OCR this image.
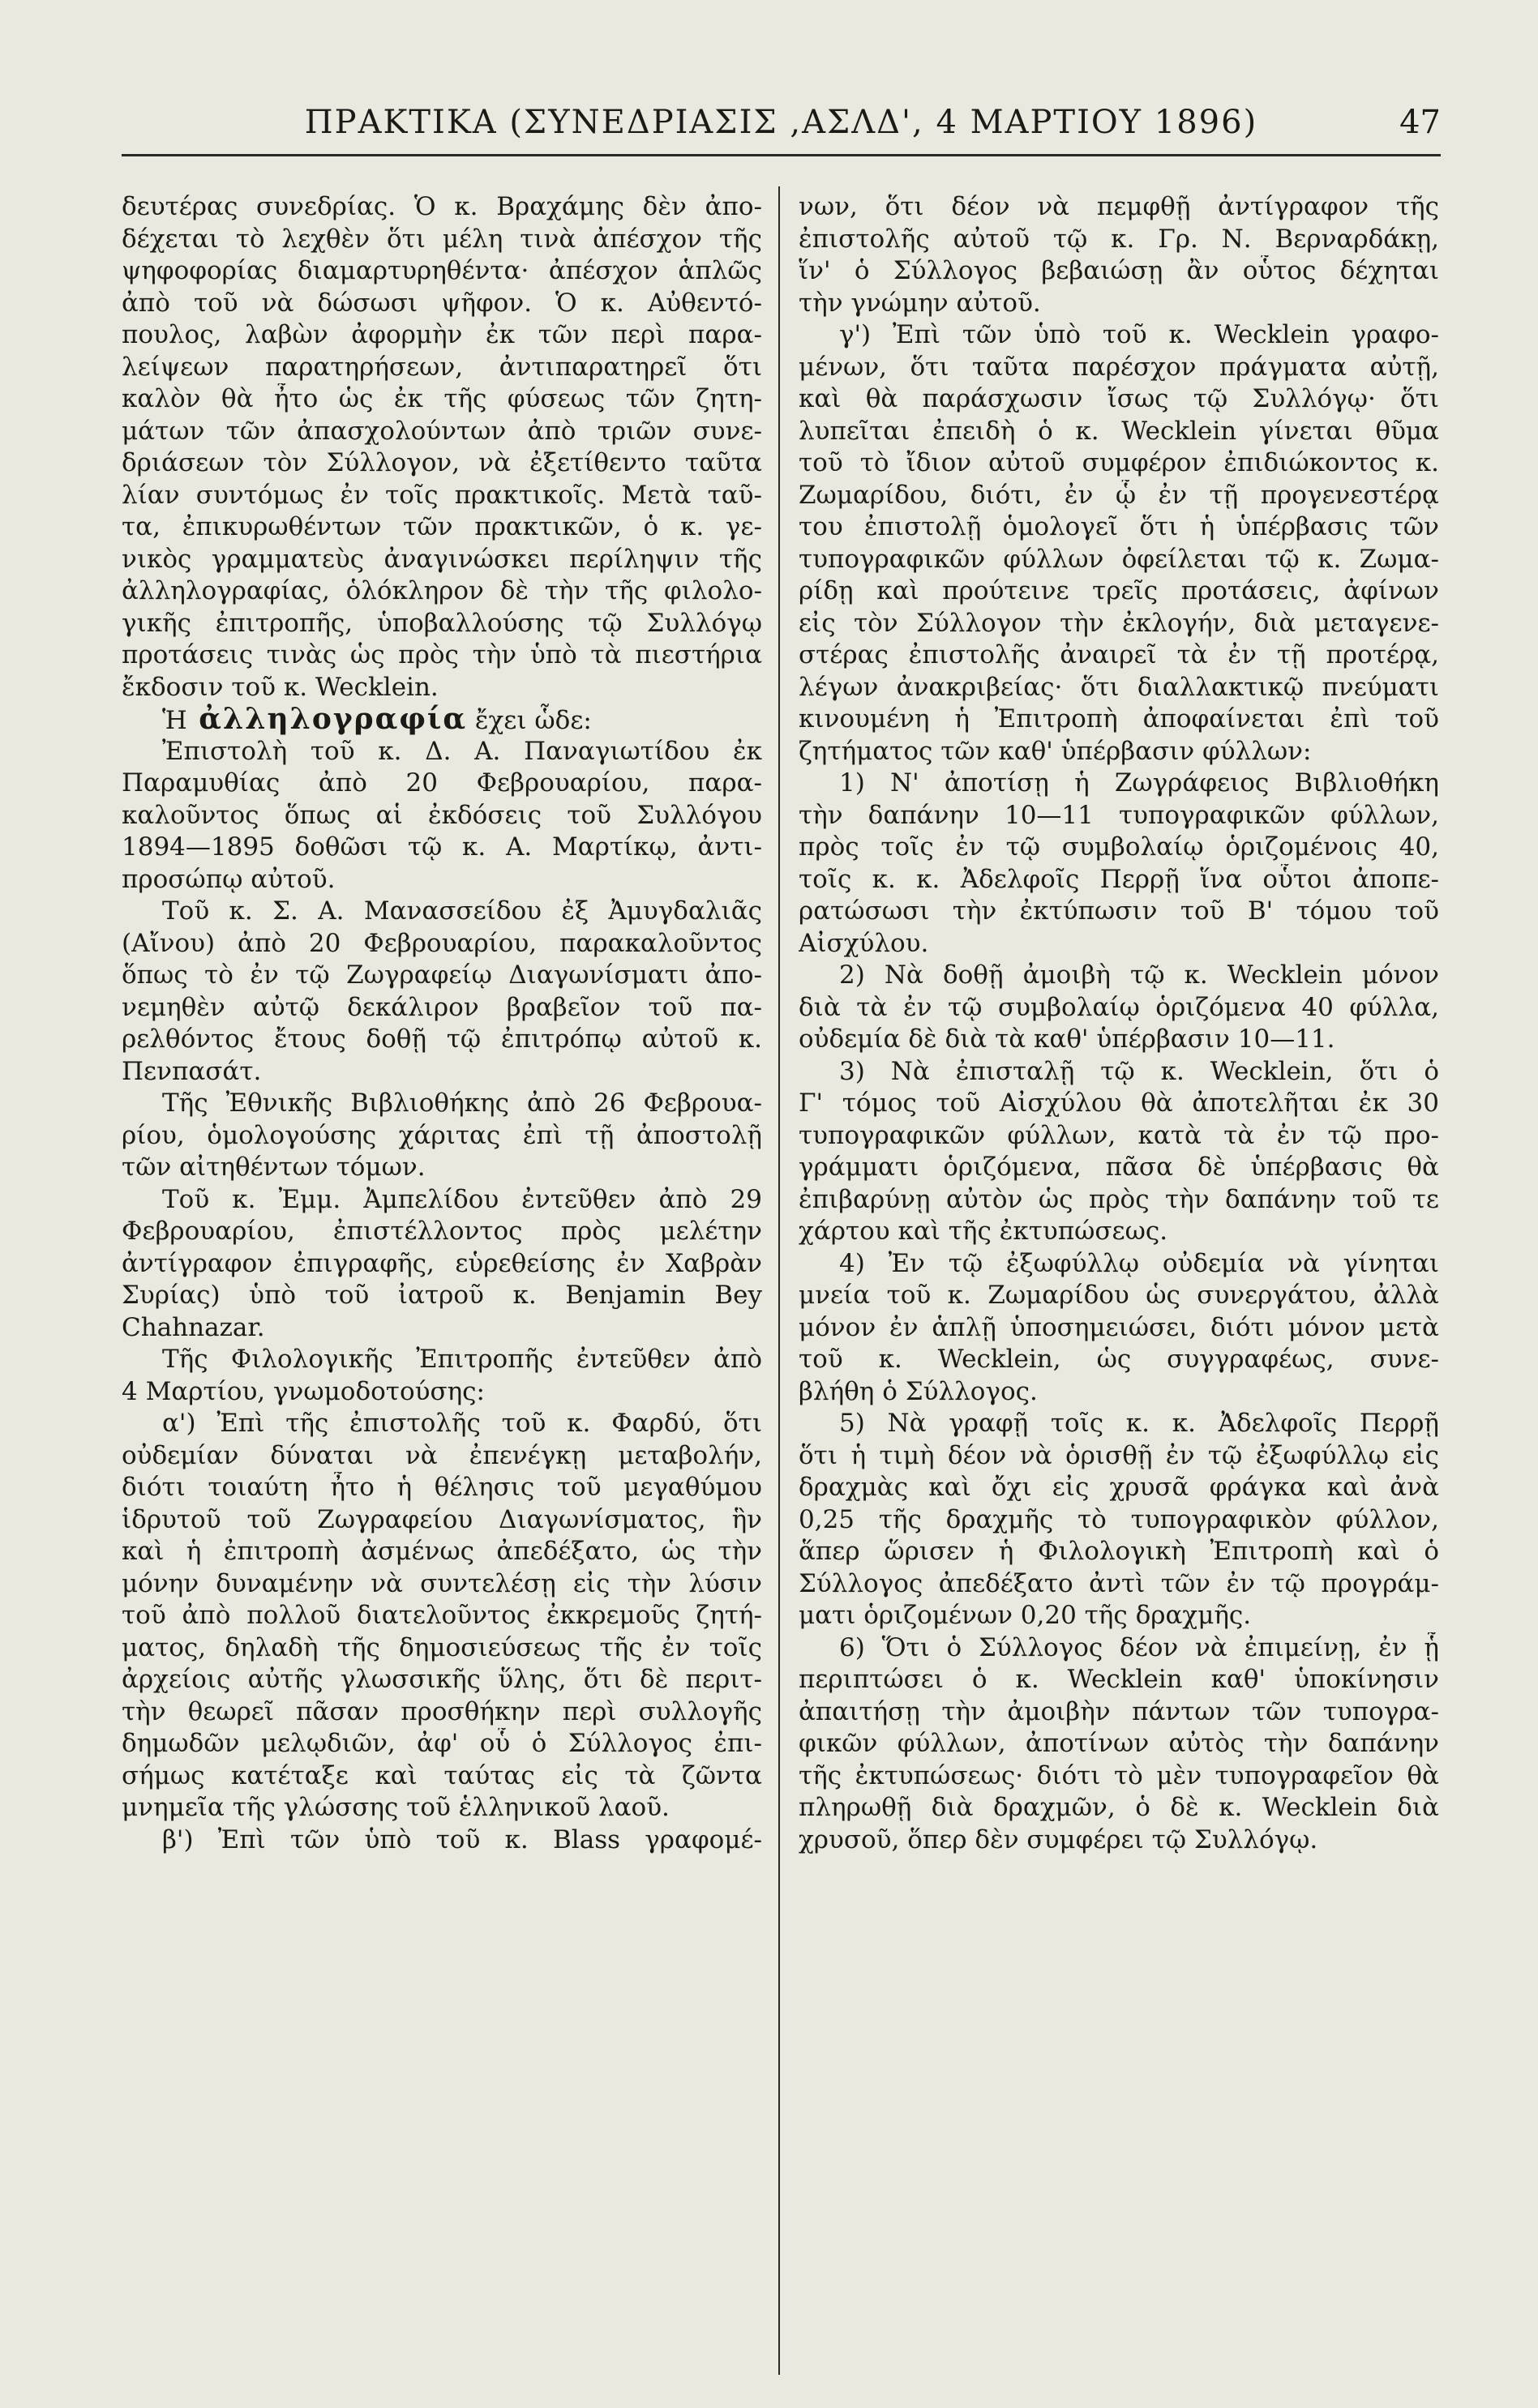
ΠΡΑΚΤΙΚΑ (ΣΥΝΕΔΡΙΑΣΙΣ ,ΑΣΛΔ', 4 ΜΑΡΤΙΟΥ 1896)	47
δευτέρας συνεδρίας. Ὁ κ. Βραχάμης δὲν ἀπο-
δέχεται τὸ λεχθὲν ὅτι μέλη τινὰ ἀπέσχον τῆς
ψηφοφορίας διαμαρτυρηθέντα· ἀπέσχον ἁπλῶς
ἀπὸ τοῦ νὰ δώσωσι ψῆφον. Ὁ κ. Αὐθεντό-
πουλος, λαβὼν ἀφορμὴν ἐκ τῶν περὶ παρα-
λείψεων παρατηρήσεων, ἀντιπαρατηρεῖ ὅτι
καλὸν θὰ ἦτο ὡς ἐκ τῆς φύσεως τῶν ζητη-
μάτων τῶν ἀπασχολούντων ἀπὸ τριῶν συνε-
δριάσεων τὸν Σύλλογον, νὰ ἐξετίθεντο ταῦτα
λίαν συντόμως ἐν τοῖς πρακτικοῖς. Μετὰ ταῦ-
τα, ἐπικυρωθέντων τῶν πρακτικῶν, ὁ κ. γε-
νικὸς γραμματεὺς ἀναγινώσκει περίληψιν τῆς
ἀλληλογραφίας, ὁλόκληρον δὲ τὴν τῆς φιλολο-
γικῆς ἐπιτροπῆς, ὑποβαλλούσης τῷ Συλλόγῳ
προτάσεις τινὰς ὡς πρὸς τὴν ὑπὸ τὰ πιεστήρια
ἔκδοσιν τοῦ κ. Wecklein.
Ἡ ἀλληλογραφία ἔχει ὧδε:
Ἐπιστολὴ τοῦ κ. Δ. Α. Παναγιωτίδου ἐκ
Παραμυθίας ἀπὸ 20 Φεβρουαρίου, παρα-
καλοῦντος ὅπως αἱ ἐκδόσεις τοῦ Συλλόγου
1894—1895 δοθῶσι τῷ κ. Α. Μαρτίκῳ, ἀντι-
προσώπῳ αὐτοῦ.
Τοῦ κ. Σ. Α. Μανασσείδου ἐξ Ἀμυγδαλιᾶς
(Αἴνου) ἀπὸ 20 Φεβρουαρίου, παρακαλοῦντος
ὅπως τὸ ἐν τῷ Ζωγραφείῳ Διαγωνίσματι ἀπο-
νεμηθὲν αὐτῷ δεκάλιρον βραβεῖον τοῦ πα-
ρελθόντος ἔτους δοθῇ τῷ ἐπιτρόπῳ αὐτοῦ κ.
Πενπασάτ.
Τῆς Ἐθνικῆς Βιβλιοθήκης ἀπὸ 26 Φεβρουα-
ρίου, ὁμολογούσης χάριτας ἐπὶ τῇ ἀποστολῇ
τῶν αἰτηθέντων τόμων.
Τοῦ κ. Ἐμμ. Ἀμπελίδου ἐντεῦθεν ἀπὸ 29
Φεβρουαρίου, ἐπιστέλλοντος πρὸς μελέτην
ἀντίγραφον ἐπιγραφῆς, εὑρεθείσης ἐν Χαβρὰν
Συρίας) ὑπὸ τοῦ ἰατροῦ κ. Benjamin Bey
Chahnazar.
Τῆς Φιλολογικῆς Ἐπιτροπῆς ἐντεῦθεν ἀπὸ
4 Μαρτίου, γνωμοδοτούσης:
α') Ἐπὶ τῆς ἐπιστολῆς τοῦ κ. Φαρδύ, ὅτι
οὐδεμίαν δύναται νὰ ἐπενέγκῃ μεταβολήν,
διότι τοιαύτη ἦτο ἡ θέλησις τοῦ μεγαθύμου
ἱδρυτοῦ τοῦ Ζωγραφείου Διαγωνίσματος, ἣν
καὶ ἡ ἐπιτροπὴ ἀσμένως ἀπεδέξατο, ὡς τὴν
μόνην δυναμένην νὰ συντελέσῃ εἰς τὴν λύσιν
τοῦ ἀπὸ πολλοῦ διατελοῦντος ἐκκρεμοῦς ζητή-
ματος, δηλαδὴ τῆς δημοσιεύσεως τῆς ἐν τοῖς
ἀρχείοις αὐτῆς γλωσσικῆς ὕλης, ὅτι δὲ περιτ-
τὴν θεωρεῖ πᾶσαν προσθήκην περὶ συλλογῆς
δημωδῶν μελῳδιῶν, ἀφ' οὗ ὁ Σύλλογος ἐπι-
σήμως κατέταξε καὶ ταύτας εἰς τὰ ζῶντα
μνημεῖα τῆς γλώσσης τοῦ ἑλληνικοῦ λαοῦ.
β') Ἐπὶ τῶν ὑπὸ τοῦ κ. Blass γραφομέ-
νων, ὅτι δέον νὰ πεμφθῇ ἀντίγραφον τῆς
ἐπιστολῆς αὐτοῦ τῷ κ. Γρ. Ν. Βερναρδάκῃ,
ἵν' ὁ Σύλλογος βεβαιώσῃ ἂν οὗτος δέχηται
τὴν γνώμην αὐτοῦ.
γ') Ἐπὶ τῶν ὑπὸ τοῦ κ. Wecklein γραφο-
μένων, ὅτι ταῦτα παρέσχον πράγματα αὐτῇ,
καὶ θὰ παράσχωσιν ἴσως τῷ Συλλόγῳ· ὅτι
λυπεῖται ἐπειδὴ ὁ κ. Wecklein γίνεται θῦμα
τοῦ τὸ ἴδιον αὐτοῦ συμφέρον ἐπιδιώκοντος κ.
Ζωμαρίδου, διότι, ἐν ᾧ ἐν τῇ προγενεστέρᾳ
του ἐπιστολῇ ὁμολογεῖ ὅτι ἡ ὑπέρβασις τῶν
τυπογραφικῶν φύλλων ὀφείλεται τῷ κ. Ζωμα-
ρίδῃ καὶ προύτεινε τρεῖς προτάσεις, ἀφίνων
εἰς τὸν Σύλλογον τὴν ἐκλογήν, διὰ μεταγενε-
στέρας ἐπιστολῆς ἀναιρεῖ τὰ ἐν τῇ προτέρᾳ,
λέγων ἀνακριβείας· ὅτι διαλλακτικῷ πνεύματι
κινουμένη ἡ Ἐπιτροπὴ ἀποφαίνεται ἐπὶ τοῦ
ζητήματος τῶν καθ' ὑπέρβασιν φύλλων:
1) Ν' ἀποτίσῃ ἡ Ζωγράφειος Βιβλιοθήκη
τὴν δαπάνην 10—11 τυπογραφικῶν φύλλων,
πρὸς τοῖς ἐν τῷ συμβολαίῳ ὁριζομένοις 40,
τοῖς κ. κ. Ἀδελφοῖς Περρῇ ἵνα οὗτοι ἀποπε-
ρατώσωσι τὴν ἐκτύπωσιν τοῦ Β' τόμου τοῦ
Αἰσχύλου.
2) Νὰ δοθῇ ἀμοιβὴ τῷ κ. Wecklein μόνον
διὰ τὰ ἐν τῷ συμβολαίῳ ὁριζόμενα 40 φύλλα,
οὐδεμία δὲ διὰ τὰ καθ' ὑπέρβασιν 10—11.
3) Νὰ ἐπισταλῇ τῷ κ. Wecklein, ὅτι ὁ
Γ' τόμος τοῦ Αἰσχύλου θὰ ἀποτελῆται ἐκ 30
τυπογραφικῶν φύλλων, κατὰ τὰ ἐν τῷ προ-
γράμματι ὁριζόμενα, πᾶσα δὲ ὑπέρβασις θὰ
ἐπιβαρύνῃ αὐτὸν ὡς πρὸς τὴν δαπάνην τοῦ τε
χάρτου καὶ τῆς ἐκτυπώσεως.
4) Ἐν τῷ ἐξωφύλλῳ οὐδεμία νὰ γίνηται
μνεία τοῦ κ. Ζωμαρίδου ὡς συνεργάτου, ἀλλὰ
μόνον ἐν ἁπλῇ ὑποσημειώσει, διότι μόνον μετὰ
τοῦ κ. Wecklein, ὡς συγγραφέως, συνε-
βλήθη ὁ Σύλλογος.
5) Νὰ γραφῇ τοῖς κ. κ. Ἀδελφοῖς Περρῇ
ὅτι ἡ τιμὴ δέον νὰ ὁρισθῇ ἐν τῷ ἐξωφύλλῳ εἰς
δραχμὰς καὶ ὄχι εἰς χρυσᾶ φράγκα καὶ ἀνὰ
0,25 τῆς δραχμῆς τὸ τυπογραφικὸν φύλλον,
ἅπερ ὥρισεν ἡ Φιλολογικὴ Ἐπιτροπὴ καὶ ὁ
Σύλλογος ἀπεδέξατο ἀντὶ τῶν ἐν τῷ προγράμ-
ματι ὁριζομένων 0,20 τῆς δραχμῆς.
6) Ὅτι ὁ Σύλλογος δέον νὰ ἐπιμείνῃ, ἐν ᾗ
περιπτώσει ὁ κ. Wecklein καθ' ὑποκίνησιν
ἀπαιτήσῃ τὴν ἀμοιβὴν πάντων τῶν τυπογρα-
φικῶν φύλλων, ἀποτίνων αὐτὸς τὴν δαπάνην
τῆς ἐκτυπώσεως· διότι τὸ μὲν τυπογραφεῖον θὰ
πληρωθῇ διὰ δραχμῶν, ὁ δὲ κ. Wecklein διὰ
χρυσοῦ, ὅπερ δὲν συμφέρει τῷ Συλλόγῳ.
